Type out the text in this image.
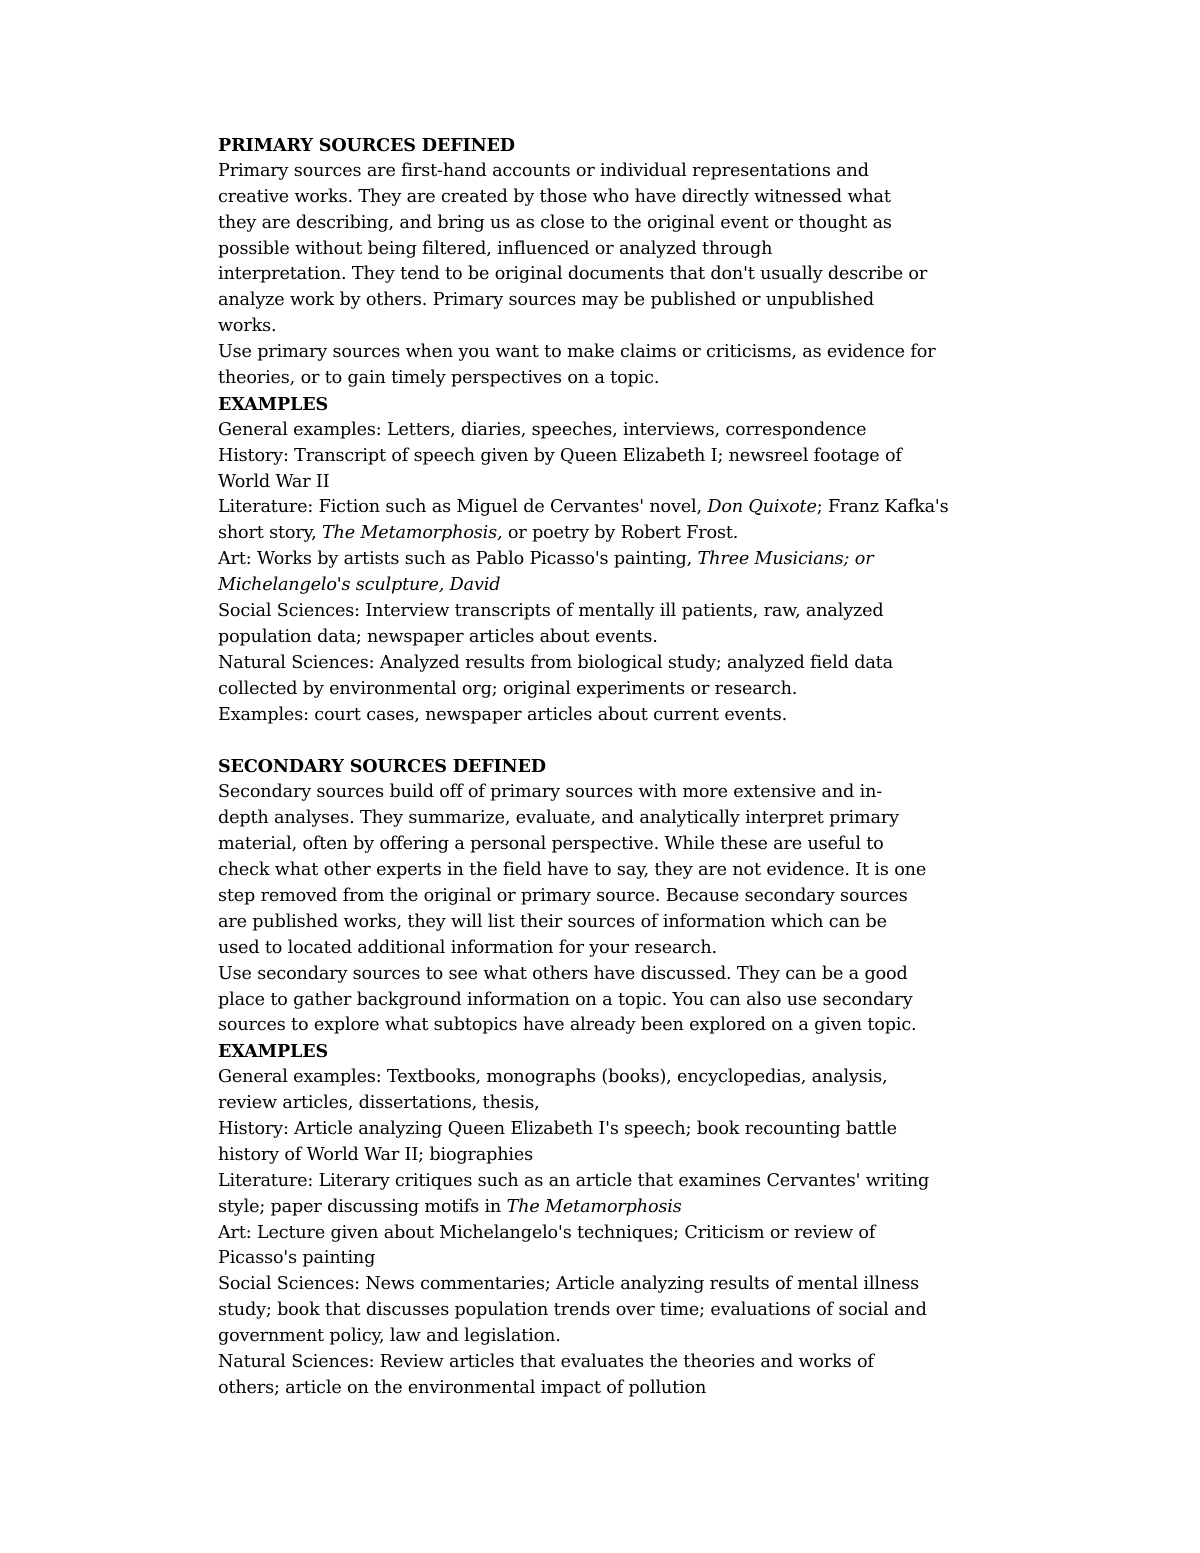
PRIMARY SOURCES DEFINED
Primary sources are first-hand accounts or individual representations and
creative works. They are created by those who have directly witnessed what
they are describing, and bring us as close to the original event or thought as
possible without being filtered, influenced or analyzed through
interpretation. They tend to be original documents that don't usually describe or
analyze work by others. Primary sources may be published or unpublished
works.
Use primary sources when you want to make claims or criticisms, as evidence for
theories, or to gain timely perspectives on a topic.
EXAMPLES
General examples: Letters, diaries, speeches, interviews, correspondence
History: Transcript of speech given by Queen Elizabeth I; newsreel footage of
World War II
Literature: Fiction such as Miguel de Cervantes' novel, Don Quixote; Franz Kafka's
short story, The Metamorphosis, or poetry by Robert Frost.
Art: Works by artists such as Pablo Picasso's painting, Three Musicians; or
Michelangelo's sculpture, David
Social Sciences: Interview transcripts of mentally ill patients, raw, analyzed
population data; newspaper articles about events.
Natural Sciences: Analyzed results from biological study; analyzed field data
collected by environmental org; original experiments or research.
Examples: court cases, newspaper articles about current events.
SECONDARY SOURCES DEFINED
Secondary sources build off of primary sources with more extensive and in-
depth analyses. They summarize, evaluate, and analytically interpret primary
material, often by offering a personal perspective. While these are useful to
check what other experts in the field have to say, they are not evidence. It is one
step removed from the original or primary source. Because secondary sources
are published works, they will list their sources of information which can be
used to located additional information for your research.
Use secondary sources to see what others have discussed. They can be a good
place to gather background information on a topic. You can also use secondary
sources to explore what subtopics have already been explored on a given topic.
EXAMPLES
General examples: Textbooks, monographs (books), encyclopedias, analysis,
review articles, dissertations, thesis,
History: Article analyzing Queen Elizabeth I's speech; book recounting battle
history of World War II; biographies
Literature: Literary critiques such as an article that examines Cervantes' writing
style; paper discussing motifs in The Metamorphosis
Art: Lecture given about Michelangelo's techniques; Criticism or review of
Picasso's painting
Social Sciences: News commentaries; Article analyzing results of mental illness
study; book that discusses population trends over time; evaluations of social and
government policy, law and legislation.
Natural Sciences: Review articles that evaluates the theories and works of
others; article on the environmental impact of pollution
